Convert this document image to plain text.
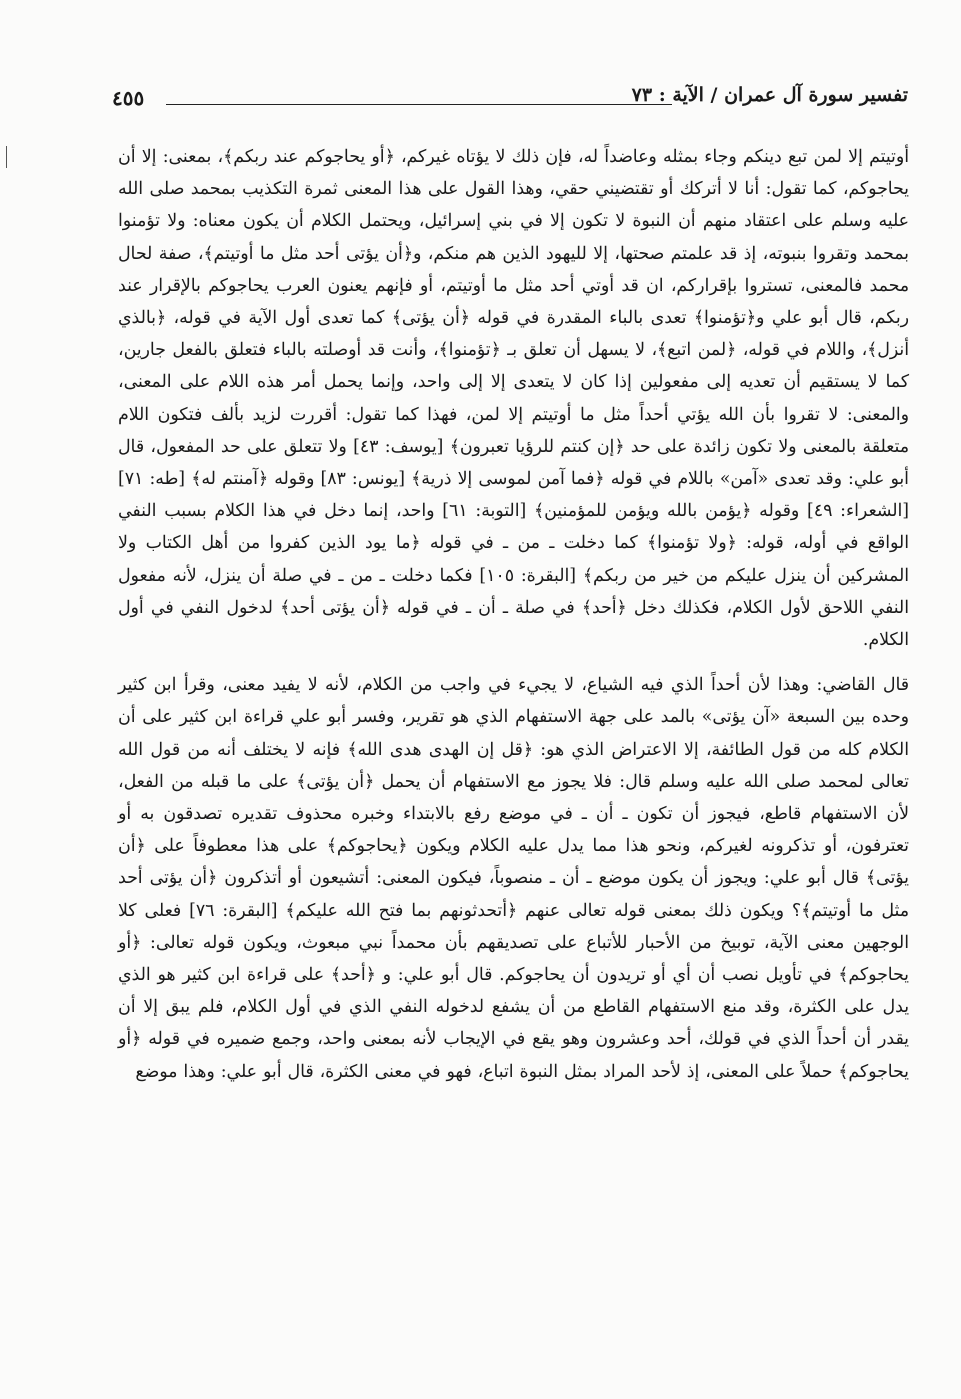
تفسير سورة آل عمران / الآية : ٧٣
٤٥٥

أوتيتم إلا لمن تبع دينكم وجاء بمثله وعاضداً له، فإن ذلك لا يؤتاه غيركم، ﴿أو يحاجوكم عند ربكم﴾، بمعنى: إلا أن يحاجوكم، كما تقول: أنا لا أتركك أو تقتضيني حقي، وهذا القول على هذا المعنى ثمرة التكذيب بمحمد صلى الله عليه وسلم على اعتقاد منهم أن النبوة لا تكون إلا في بني إسرائيل، ويحتمل الكلام أن يكون معناه: ولا تؤمنوا بمحمد وتقروا بنبوته، إذ قد علمتم صحتها، إلا لليهود الذين هم منكم، و﴿أن يؤتى أحد مثل ما أوتيتم﴾، صفة لحال محمد فالمعنى، تستروا بإقراركم، ان قد أوتي أحد مثل ما أوتيتم، أو فإنهم يعنون العرب يحاجوكم بالإقرار عند ربكم، قال أبو علي و﴿تؤمنوا﴾ تعدى بالباء المقدرة في قوله ﴿أن يؤتى﴾ كما تعدى أول الآية في قوله، ﴿بالذي أنزل﴾، واللام في قوله، ﴿لمن اتبع﴾، لا يسهل أن تعلق بـ ﴿تؤمنوا﴾، وأنت قد أوصلته بالباء فتعلق بالفعل جارين، كما لا يستقيم أن تعديه إلى مفعولين إذا كان لا يتعدى إلا إلى واحد، وإنما يحمل أمر هذه اللام على المعنى، والمعنى: لا تقروا بأن الله يؤتي أحداً مثل ما أوتيتم إلا لمن، فهذا كما تقول: أقررت لزيد بألف فتكون اللام متعلقة بالمعنى ولا تكون زائدة على حد ﴿إن كنتم للرؤيا تعبرون﴾ [يوسف: ٤٣] ولا تتعلق على حد المفعول، قال أبو علي: وقد تعدى «آمن» باللام في قوله ﴿فما آمن لموسى إلا ذرية﴾ [يونس: ٨٣] وقوله ﴿آمنتم له﴾ [طه: ٧١] [الشعراء: ٤٩] وقوله ﴿يؤمن بالله ويؤمن للمؤمنين﴾ [التوبة: ٦١] واحد، إنما دخل في هذا الكلام بسبب النفي الواقع في أوله، قوله: ﴿ولا تؤمنوا﴾ كما دخلت ـ من ـ في قوله ﴿ما يود الذين كفروا من أهل الكتاب ولا المشركين أن ينزل عليكم من خير من ربكم﴾ [البقرة: ١٠٥] فكما دخلت ـ من ـ في صلة أن ينزل، لأنه مفعول النفي اللاحق لأول الكلام، فكذلك دخل ﴿أحد﴾ في صلة ـ أن ـ في قوله ﴿أن يؤتى أحد﴾ لدخول النفي في أول الكلام.

قال القاضي: وهذا لأن أحداً الذي فيه الشياع، لا يجيء في واجب من الكلام، لأنه لا يفيد معنى، وقرأ ابن كثير وحده بين السبعة «آن يؤتى» بالمد على جهة الاستفهام الذي هو تقرير، وفسر أبو علي قراءة ابن كثير على أن الكلام كله من قول الطائفة، إلا الاعتراض الذي هو: ﴿قل إن الهدى هدى الله﴾ فإنه لا يختلف أنه من قول الله تعالى لمحمد صلى الله عليه وسلم قال: فلا يجوز مع الاستفهام أن يحمل ﴿أن يؤتى﴾ على ما قبله من الفعل، لأن الاستفهام قاطع، فيجوز أن تكون ـ أن ـ في موضع رفع بالابتداء وخبره محذوف تقديره تصدقون به أو تعترفون، أو تذكرونه لغيركم، ونحو هذا مما يدل عليه الكلام ويكون ﴿يحاجوكم﴾ على هذا معطوفاً على ﴿أن يؤتى﴾ قال أبو علي: ويجوز أن يكون موضع ـ أن ـ منصوباً، فيكون المعنى: أتشيعون أو أتذكرون ﴿أن يؤتى أحد مثل ما أوتيتم﴾؟ ويكون ذلك بمعنى قوله تعالى عنهم ﴿أتحدثونهم بما فتح الله عليكم﴾ [البقرة: ٧٦] فعلى كلا الوجهين معنى الآية، توبيخ من الأحبار للأتباع على تصديقهم بأن محمداً نبي مبعوث، ويكون قوله تعالى: ﴿أو يحاجوكم﴾ في تأويل نصب أن أي أو تريدون أن يحاجوكم. قال أبو علي: و ﴿أحد﴾ على قراءة ابن كثير هو الذي يدل على الكثرة، وقد منع الاستفهام القاطع من أن يشفع لدخوله النفي الذي في أول الكلام، فلم يبق إلا أن يقدر أن أحداً الذي في قولك، أحد وعشرون وهو يقع في الإيجاب لأنه بمعنى واحد، وجمع ضميره في قوله ﴿أو يحاجوكم﴾ حملاً على المعنى، إذ لأحد المراد بمثل النبوة اتباع، فهو في معنى الكثرة، قال أبو علي: وهذا موضع
